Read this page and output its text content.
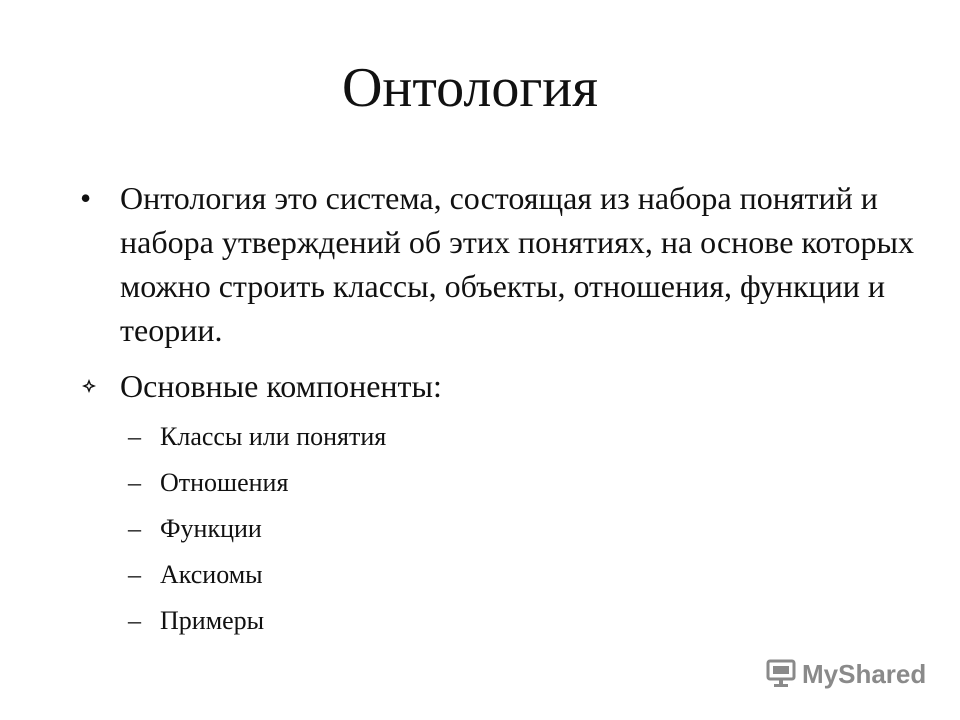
Онтология
• Онтология это система, состоящая из набора понятий и набора утверждений об этих понятиях, на основе которых можно строить классы, объекты, отношения, функции и теории.
Основные компоненты:
– Классы или понятия
– Отношения
– Функции
– Аксиомы
– Примеры
MyShared
